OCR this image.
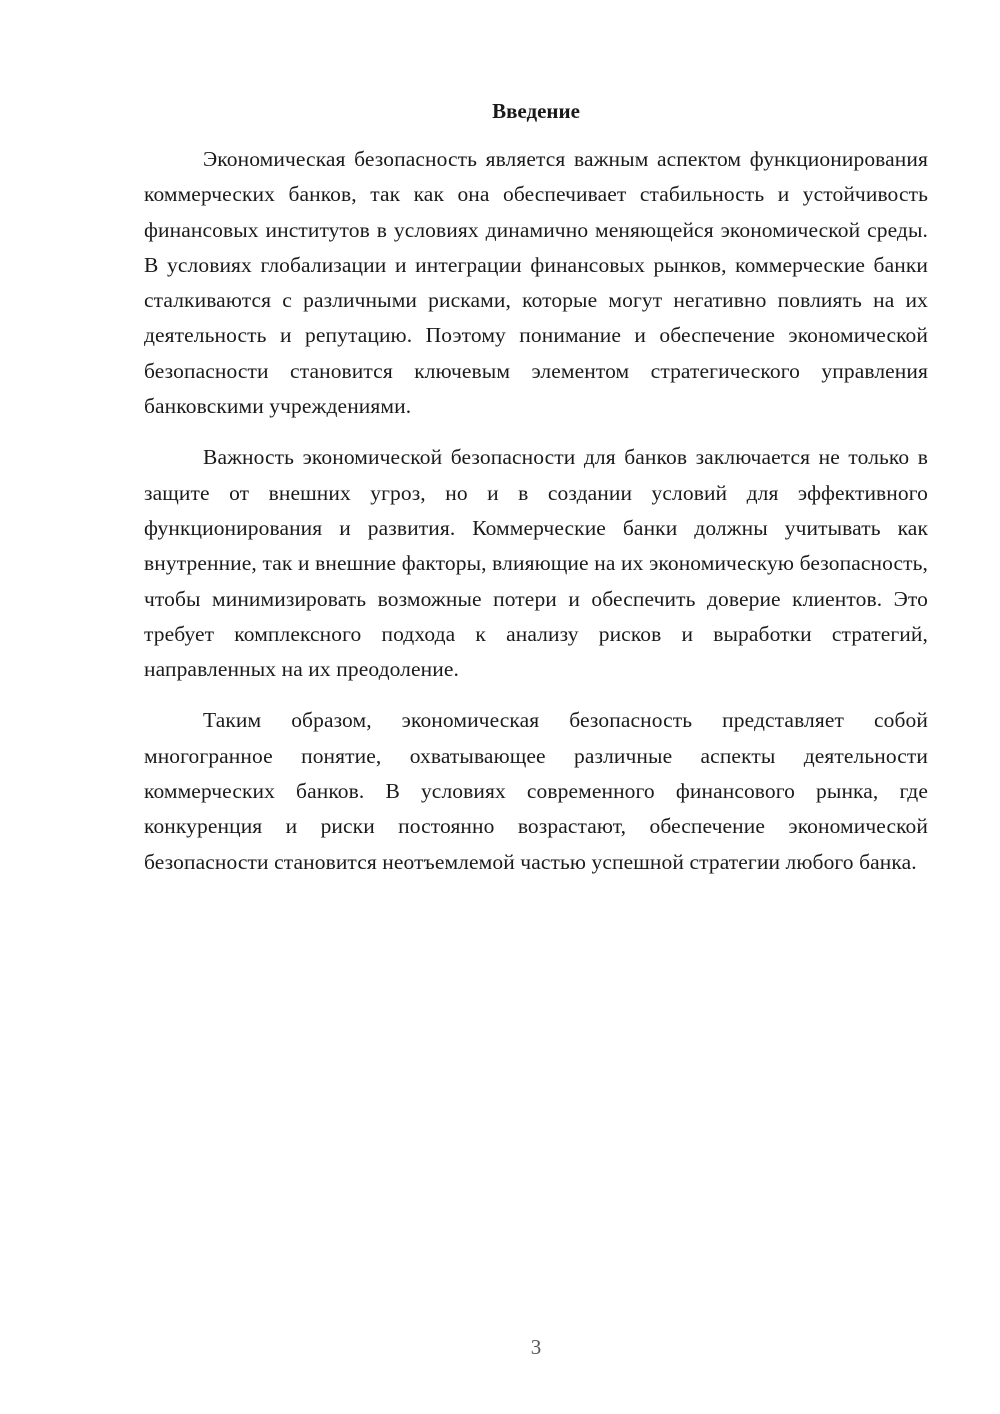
Введение

Экономическая безопасность является важным аспектом функционирования коммерческих банков, так как она обеспечивает стабильность и устойчивость финансовых институтов в условиях динамично меняющейся экономической среды. В условиях глобализации и интеграции финансовых рынков, коммерческие банки сталкиваются с различными рисками, которые могут негативно повлиять на их деятельность и репутацию. Поэтому понимание и обеспечение экономической безопасности становится ключевым элементом стратегического управления банковскими учреждениями.

Важность экономической безопасности для банков заключается не только в защите от внешних угроз, но и в создании условий для эффективного функционирования и развития. Коммерческие банки должны учитывать как внутренние, так и внешние факторы, влияющие на их экономическую безопасность, чтобы минимизировать возможные потери и обеспечить доверие клиентов. Это требует комплексного подхода к анализу рисков и выработки стратегий, направленных на их преодоление.

Таким образом, экономическая безопасность представляет собой многогранное понятие, охватывающее различные аспекты деятельности коммерческих банков. В условиях современного финансового рынка, где конкуренция и риски постоянно возрастают, обеспечение экономической безопасности становится неотъемлемой частью успешной стратегии любого банка.

3
